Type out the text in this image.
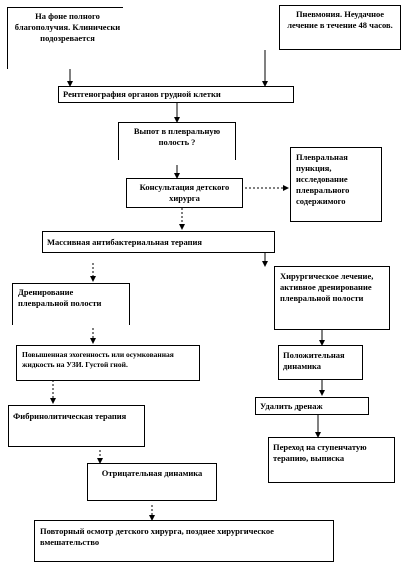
На фоне полного благополучия. Клинически подозревается
Пневмония. Неудачное лечение в течение 48 часов.
Рентгенография органов грудной клетки
Выпот в плевральную полость ?
Консультация детского хирурга
Плевральная пункция, исследование плеврального содержимого
Массивная антибактериальная терапия
Дренирование плевральной полости
Хирургическое лечение, активное дренирование плевральной полости
Повышенная эхогенность или осумкованная жидкость на УЗИ. Густой гной.
Положительная динамика
Фибринолитическая терапия
Удалить дренаж
Отрицательная динамика
Переход на ступенчатую терапию, выписка
Повторный осмотр детского хирурга, позднее хирургическое вмешательство
